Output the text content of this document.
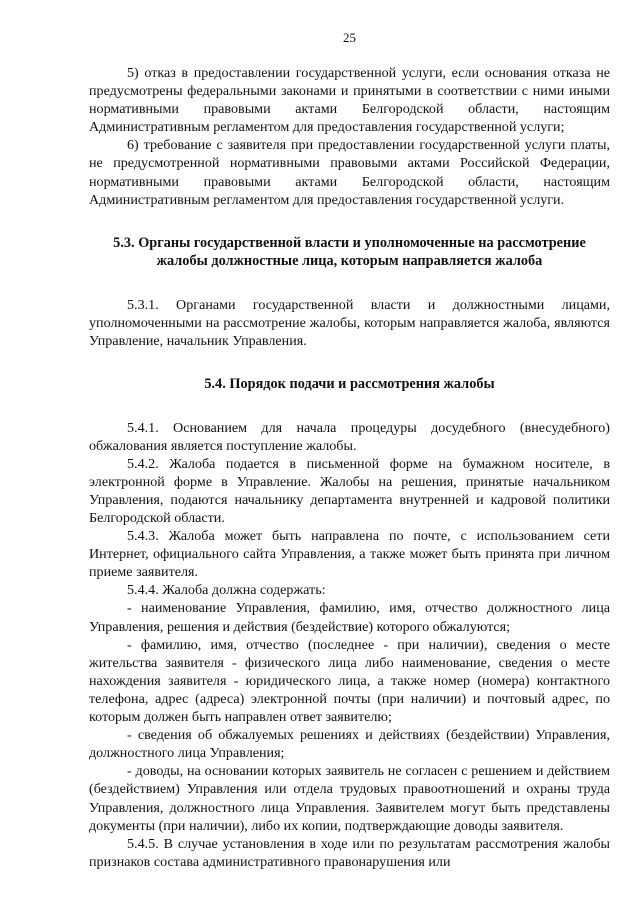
25

5) отказ в предоставлении государственной услуги, если основания отказа не предусмотрены федеральными законами и принятыми в соответствии с ними иными нормативными правовыми актами Белгородской области, настоящим Административным регламентом для предоставления государственной услуги;

6) требование с заявителя при предоставлении государственной услуги платы, не предусмотренной нормативными правовыми актами Российской Федерации, нормативными правовыми актами Белгородской области, настоящим Административным регламентом для предоставления государственной услуги.

5.3. Органы государственной власти и уполномоченные на рассмотрение жалобы должностные лица, которым направляется жалоба

5.3.1. Органами государственной власти и должностными лицами, уполномоченными на рассмотрение жалобы, которым направляется жалоба, являются Управление, начальник Управления.

5.4. Порядок подачи и рассмотрения жалобы

5.4.1. Основанием для начала процедуры досудебного (внесудебного) обжалования является поступление жалобы.

5.4.2. Жалоба подается в письменной форме на бумажном носителе, в электронной форме в Управление. Жалобы на решения, принятые начальником Управления, подаются начальнику департамента внутренней и кадровой политики Белгородской области.

5.4.3. Жалоба может быть направлена по почте, с использованием сети Интернет, официального сайта Управления, а также может быть принята при личном приеме заявителя.

5.4.4. Жалоба должна содержать:

- наименование Управления, фамилию, имя, отчество должностного лица Управления, решения и действия (бездействие) которого обжалуются;

- фамилию, имя, отчество (последнее - при наличии), сведения о месте жительства заявителя - физического лица либо наименование, сведения о месте нахождения заявителя - юридического лица, а также номер (номера) контактного телефона, адрес (адреса) электронной почты (при наличии) и почтовый адрес, по которым должен быть направлен ответ заявителю;

- сведения об обжалуемых решениях и действиях (бездействии) Управления, должностного лица Управления;

- доводы, на основании которых заявитель не согласен с решением и действием (бездействием) Управления или отдела трудовых правоотношений и охраны труда Управления, должностного лица Управления. Заявителем могут быть представлены документы (при наличии), либо их копии, подтверждающие доводы заявителя.

5.4.5. В случае установления в ходе или по результатам рассмотрения жалобы признаков состава административного правонарушения или
